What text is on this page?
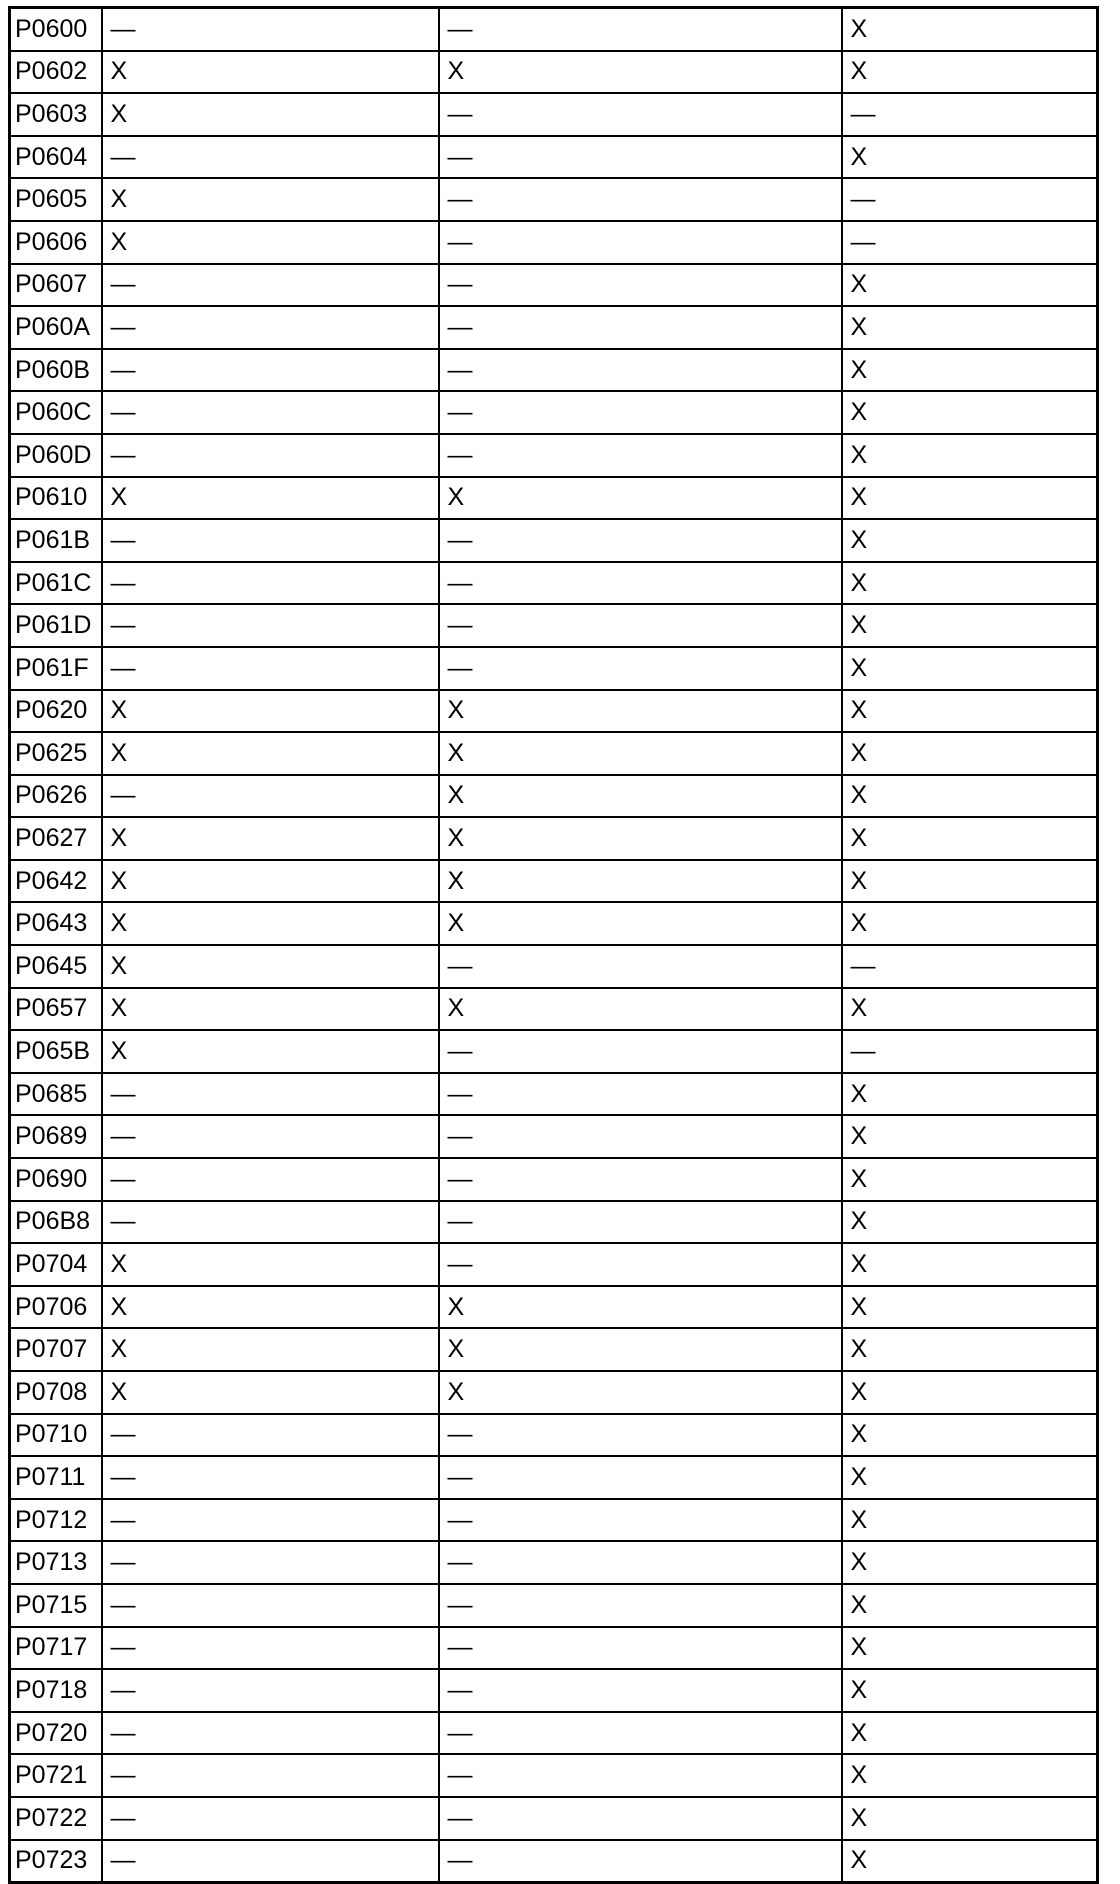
P0600	—	—	X
P0602	X	X	X
P0603	X	—	—
P0604	—	—	X
P0605	X	—	—
P0606	X	—	—
P0607	—	—	X
P060A	—	—	X
P060B	—	—	X
P060C	—	—	X
P060D	—	—	X
P0610	X	X	X
P061B	—	—	X
P061C	—	—	X
P061D	—	—	X
P061F	—	—	X
P0620	X	X	X
P0625	X	X	X
P0626	—	X	X
P0627	X	X	X
P0642	X	X	X
P0643	X	X	X
P0645	X	—	—
P0657	X	X	X
P065B	X	—	—
P0685	—	—	X
P0689	—	—	X
P0690	—	—	X
P06B8	—	—	X
P0704	X	—	X
P0706	X	X	X
P0707	X	X	X
P0708	X	X	X
P0710	—	—	X
P0711	—	—	X
P0712	—	—	X
P0713	—	—	X
P0715	—	—	X
P0717	—	—	X
P0718	—	—	X
P0720	—	—	X
P0721	—	—	X
P0722	—	—	X
P0723	—	—	X
